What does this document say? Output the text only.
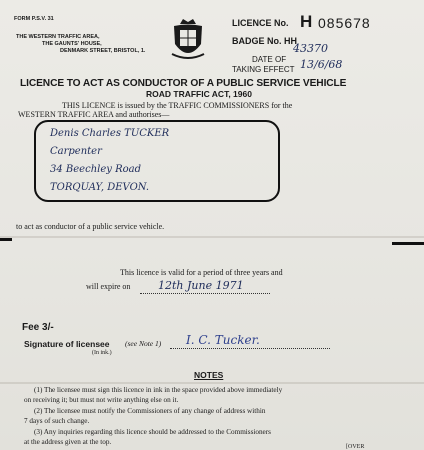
FORM P.S.V. 31
THE WESTERN TRAFFIC AREA,
THE GAUNTS' HOUSE,
DENMARK STREET, BRISTOL, 1.
LICENCE No. H 085678
BADGE No. HH
43370
DATE OF
TAKING EFFECT 13/6/68
LICENCE TO ACT AS CONDUCTOR OF A PUBLIC SERVICE VEHICLE
ROAD TRAFFIC ACT, 1960
THIS LICENCE is issued by the TRAFFIC COMMISSIONERS for the
WESTERN TRAFFIC AREA and authorises—
Denis Charles TUCKER
Carpenter
34 Beechley Road
TORQUAY, DEVON.
to act as conductor of a public service vehicle.
This licence is valid for a period of three years and
will expire on	12th June 1971
Fee 3/-
Signature of licensee (see Note 1)
(In ink.)
I. C. Tucker.
NOTES
(1) The licensee must sign this licence in ink in the space provided above immediately
on receiving it; but must not write anything else on it.
(2) The licensee must notify the Commissioners of any change of address within
7 days of such change.
(3) Any inquiries regarding this licence should be addressed to the Commissioners
at the address given at the top.
[OVER
